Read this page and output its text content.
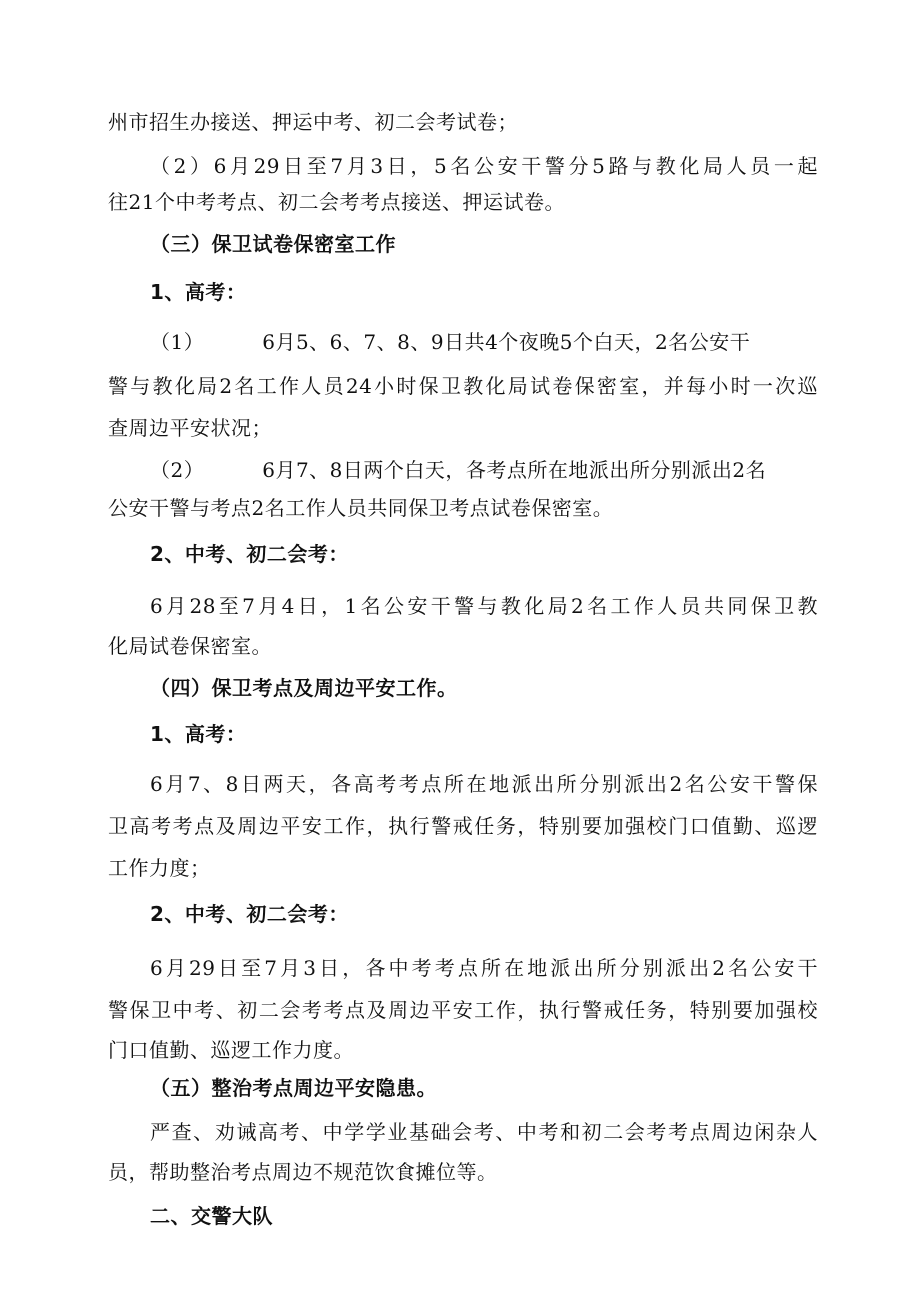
州市招生办接送、押运中考、初二会考试卷；
（2）6月29日至7月3日，5名公安干警分5路与教化局人员一起
往21个中考考点、初二会考考点接送、押运试卷。
（三）保卫试卷保密室工作
1、高考：
（1）	6月5、6、7、8、9日共4个夜晚5个白天，2名公安干
警与教化局2名工作人员24小时保卫教化局试卷保密室，并每小时一次巡
查周边平安状况；
（2）	6月7、8日两个白天，各考点所在地派出所分别派出2名
公安干警与考点2名工作人员共同保卫考点试卷保密室。
2、中考、初二会考：
6月28至7月4日，1名公安干警与教化局2名工作人员共同保卫教
化局试卷保密室。
（四）保卫考点及周边平安工作。
1、高考：
6月7、8日两天，各高考考点所在地派出所分别派出2名公安干警保
卫高考考点及周边平安工作，执行警戒任务，特别要加强校门口值勤、巡逻
工作力度；
2、中考、初二会考：
6月29日至7月3日，各中考考点所在地派出所分别派出2名公安干
警保卫中考、初二会考考点及周边平安工作，执行警戒任务，特别要加强校
门口值勤、巡逻工作力度。
（五）整治考点周边平安隐患。
严查、劝诫高考、中学学业基础会考、中考和初二会考考点周边闲杂人
员，帮助整治考点周边不规范饮食摊位等。
二、交警大队
